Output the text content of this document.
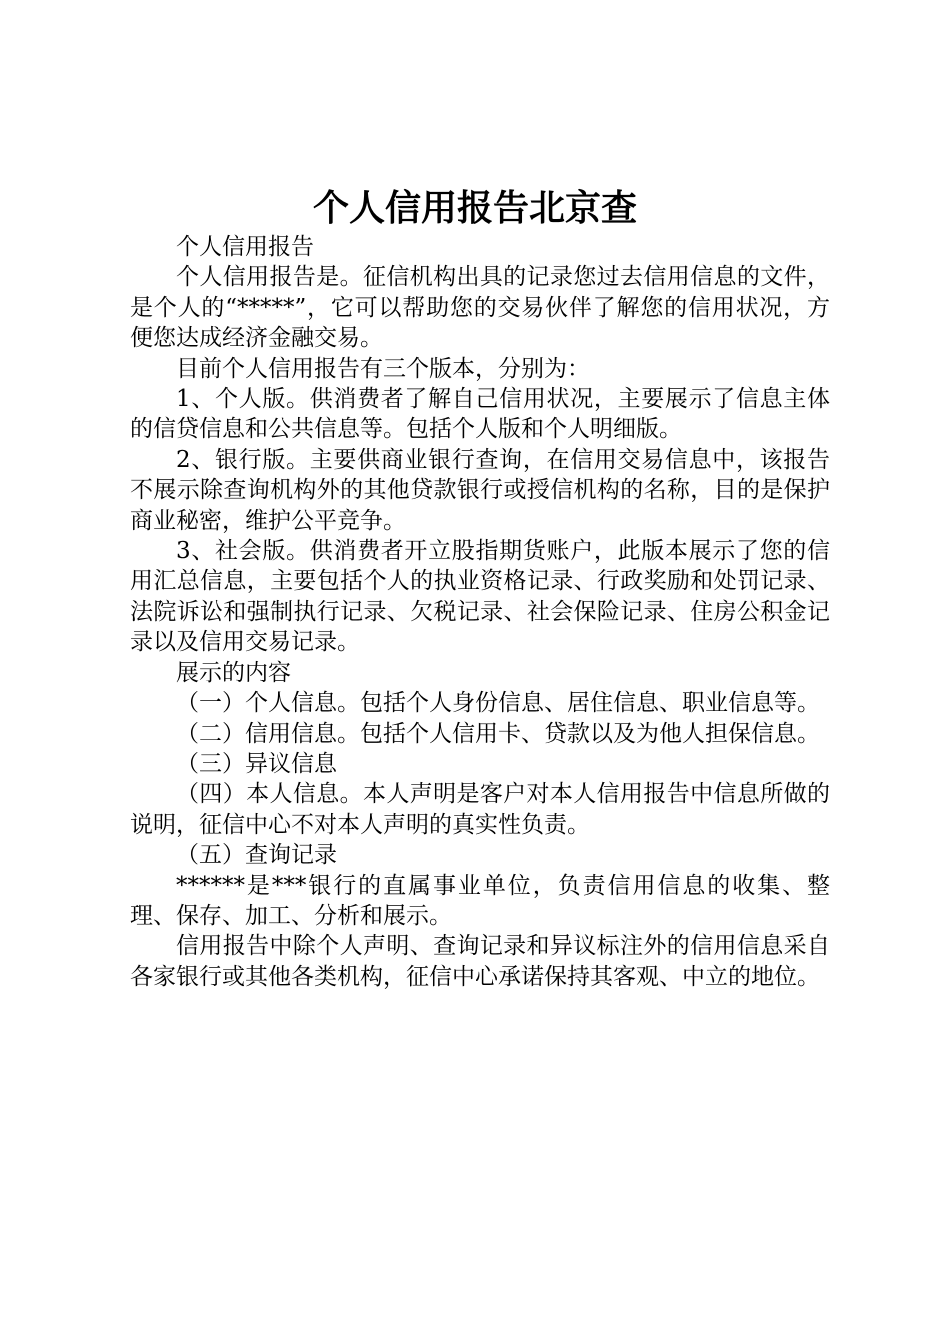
个人信用报告北京查

个人信用报告

个人信用报告是。征信机构出具的记录您过去信用信息的文件，是个人的“*****”，它可以帮助您的交易伙伴了解您的信用状况，方便您达成经济金融交易。

目前个人信用报告有三个版本，分别为：

1、个人版。供消费者了解自己信用状况，主要展示了信息主体的信贷信息和公共信息等。包括个人版和个人明细版。

2、银行版。主要供商业银行查询，在信用交易信息中，该报告不展示除查询机构外的其他贷款银行或授信机构的名称，目的是保护商业秘密，维护公平竞争。

3、社会版。供消费者开立股指期货账户，此版本展示了您的信用汇总信息，主要包括个人的执业资格记录、行政奖励和处罚记录、法院诉讼和强制执行记录、欠税记录、社会保险记录、住房公积金记录以及信用交易记录。

展示的内容

（一）个人信息。包括个人身份信息、居住信息、职业信息等。

（二）信用信息。包括个人信用卡、贷款以及为他人担保信息。

（三）异议信息

（四）本人信息。本人声明是客户对本人信用报告中信息所做的说明，征信中心不对本人声明的真实性负责。

（五）查询记录

******是***银行的直属事业单位，负责信用信息的收集、整理、保存、加工、分析和展示。

信用报告中除个人声明、查询记录和异议标注外的信用信息采自各家银行或其他各类机构，征信中心承诺保持其客观、中立的地位。
